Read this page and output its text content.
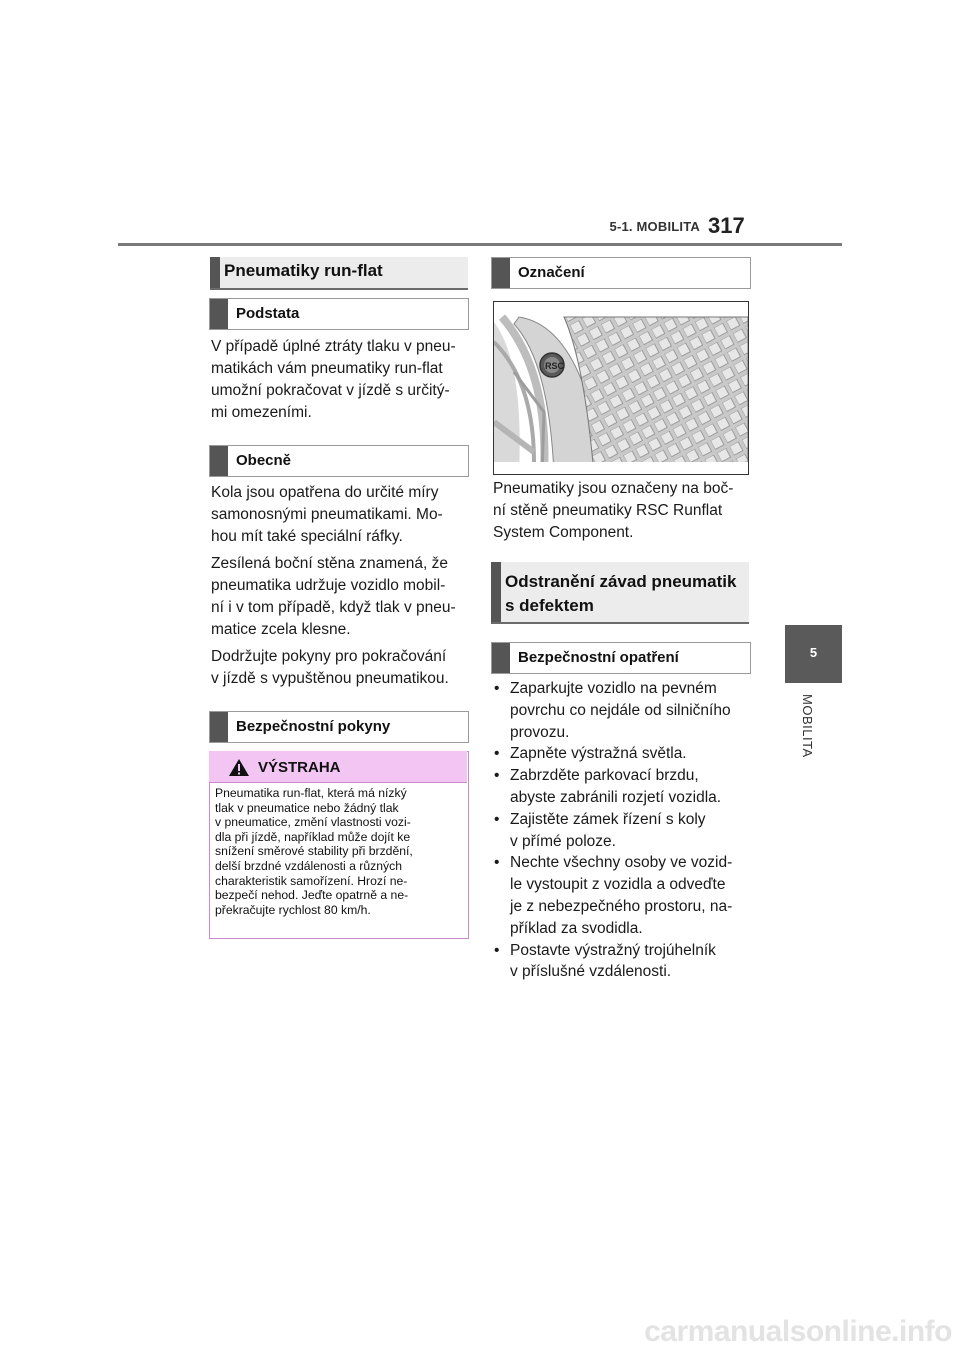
5-1. MOBILITA 317
5
MOBILITA
Pneumatiky run-flat
Podstata

V případě úplné ztráty tlaku v pneu-

matikách vám pneumatiky run-flat

umožní pokračovat v jízdě s určitý-

mi omezeními.

Obecně

Kola jsou opatřena do určité míry

samonosnými pneumatikami. Mo-

hou mít také speciální ráfky.

Zesílená boční stěna znamená, že

pneumatika udržuje vozidlo mobil-

ní i v tom případě, když tlak v pneu-

matice zcela klesne.

Dodržujte pokyny pro pokračování

v jízdě s vypuštěnou pneumatikou.

Bezpečnostní pokyny
VÝSTRAHA
Pneumatika run-flat, která má nízký
tlak v pneumatice nebo žádný tlak
v pneumatice, změní vlastnosti vozi-
dla při jízdě, například může dojít ke
snížení směrové stability při brzdění,
delší brzdné vzdálenosti a různých
charakteristik samořízení. Hrozí ne-
bezpečí nehod. Jeďte opatrně a ne-
překračujte rychlost 80 km/h.
Označení
RSC

Pneumatiky jsou označeny na boč-

ní stěně pneumatiky RSC Runflat

System Component.

Odstranění závad pneumatik
s defektem
Bezpečnostní opatření
• Zaparkujte vozidlo na pevném
povrchu co nejdále od silničního
provozu.
• Zapněte výstražná světla.
• Zabrzděte parkovací brzdu,
abyste zabránili rozjetí vozidla.
• Zajistěte zámek řízení s koly
v přímé poloze.
• Nechte všechny osoby ve vozid-
le vystoupit z vozidla a odveďte
je z nebezpečného prostoru, na-
příklad za svodidla.
• Postavte výstražný trojúhelník
v příslušné vzdálenosti.
carmanualsonline.info
